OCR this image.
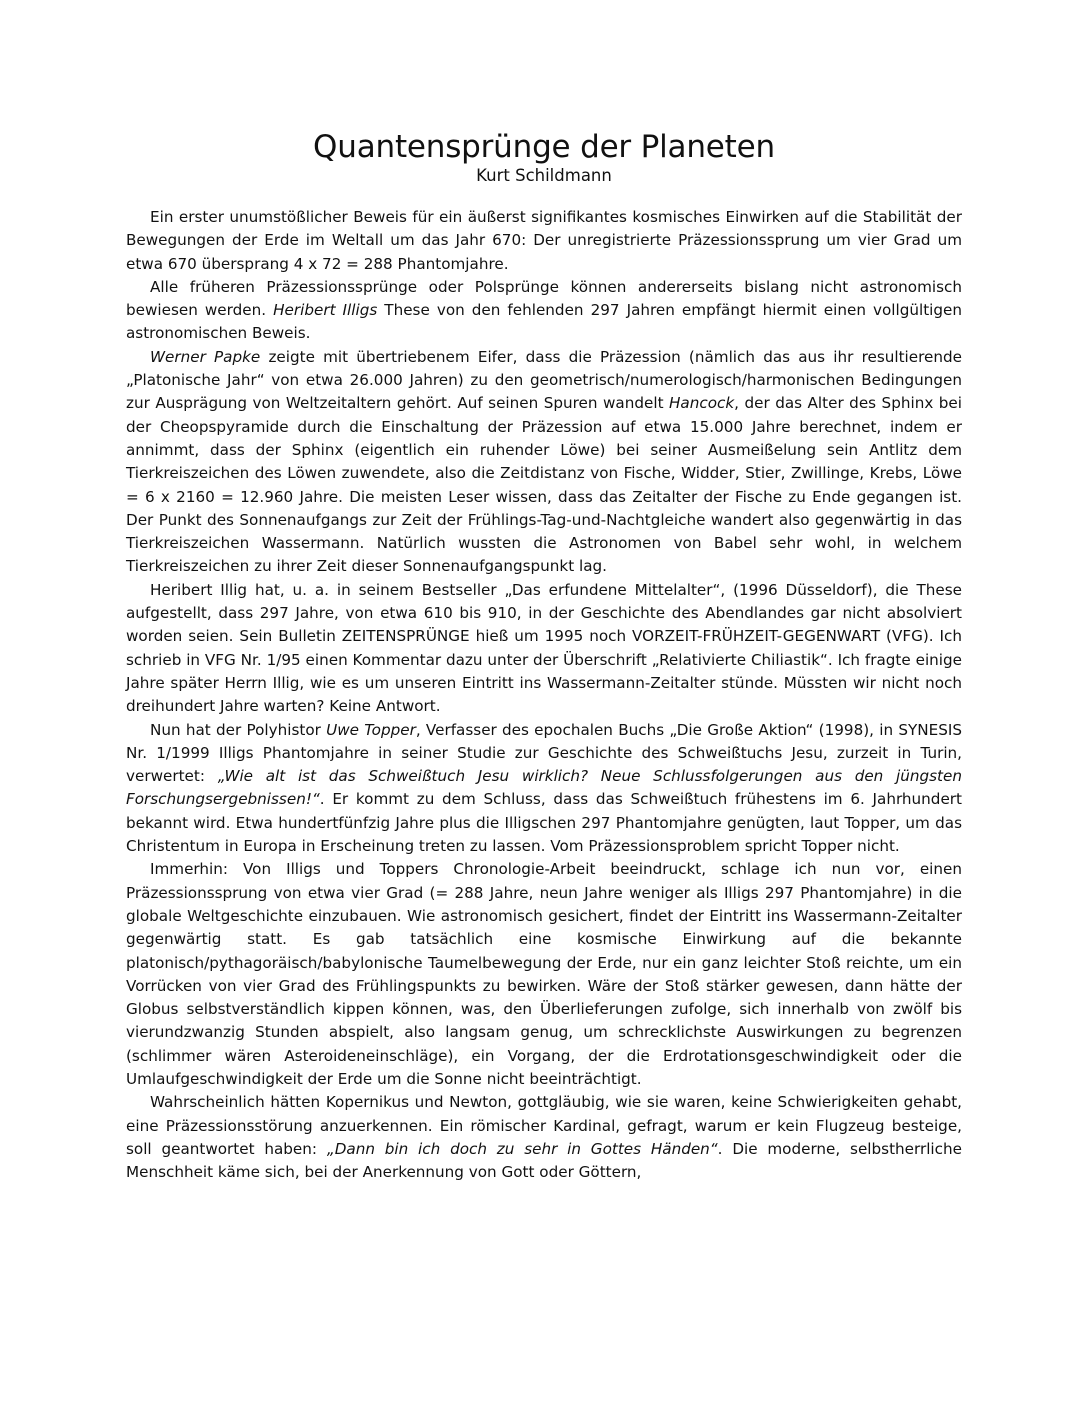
Quantensprünge der Planeten
Kurt Schildmann

Ein erster unumstößlicher Beweis für ein äußerst signifikantes kosmisches Einwirken auf die Stabilität der Bewegungen der Erde im Weltall um das Jahr 670: Der unregistrierte Präzessionssprung um vier Grad um etwa 670 übersprang 4 x 72 = 288 Phantomjahre.

Alle früheren Präzessionssprünge oder Polsprünge können andererseits bislang nicht astronomisch bewiesen werden. Heribert Illigs These von den fehlenden 297 Jahren empfängt hiermit einen vollgültigen astronomischen Beweis.

Werner Papke zeigte mit übertriebenem Eifer, dass die Präzession (nämlich das aus ihr resultierende „Platonische Jahr“ von etwa 26.000 Jahren) zu den geometrisch/numerologisch/harmonischen Bedingungen zur Ausprägung von Weltzeitaltern gehört. Auf seinen Spuren wandelt Hancock, der das Alter des Sphinx bei der Cheopspyramide durch die Einschaltung der Präzession auf etwa 15.000 Jahre berechnet, indem er annimmt, dass der Sphinx (eigentlich ein ruhender Löwe) bei seiner Ausmeißelung sein Antlitz dem Tierkreiszeichen des Löwen zuwendete, also die Zeitdistanz von Fische, Widder, Stier, Zwillinge, Krebs, Löwe = 6 x 2160 = 12.960 Jahre. Die meisten Leser wissen, dass das Zeitalter der Fische zu Ende gegangen ist. Der Punkt des Sonnenaufgangs zur Zeit der Frühlings-Tag-und-Nachtgleiche wandert also gegenwärtig in das Tierkreiszeichen Wassermann. Natürlich wussten die Astronomen von Babel sehr wohl, in welchem Tierkreiszeichen zu ihrer Zeit dieser Sonnenaufgangspunkt lag.

Heribert Illig hat, u. a. in seinem Bestseller „Das erfundene Mittelalter“, (1996 Düsseldorf), die These aufgestellt, dass 297 Jahre, von etwa 610 bis 910, in der Geschichte des Abendlandes gar nicht absolviert worden seien. Sein Bulletin ZEITENSPRÜNGE hieß um 1995 noch VORZEIT-FRÜHZEIT-GEGENWART (VFG). Ich schrieb in VFG Nr. 1/95 einen Kommentar dazu unter der Überschrift „Relativierte Chiliastik“. Ich fragte einige Jahre später Herrn Illig, wie es um unseren Eintritt ins Wassermann-Zeitalter stünde. Müssten wir nicht noch dreihundert Jahre warten? Keine Antwort.

Nun hat der Polyhistor Uwe Topper, Verfasser des epochalen Buchs „Die Große Aktion“ (1998), in SYNESIS Nr. 1/1999 Illigs Phantomjahre in seiner Studie zur Geschichte des Schweißtuchs Jesu, zurzeit in Turin, verwertet: „Wie alt ist das Schweißtuch Jesu wirklich? Neue Schlussfolgerungen aus den jüngsten Forschungsergebnissen!“. Er kommt zu dem Schluss, dass das Schweißtuch frühestens im 6. Jahrhundert bekannt wird. Etwa hundertfünfzig Jahre plus die Illigschen 297 Phantomjahre genügten, laut Topper, um das Christentum in Europa in Erscheinung treten zu lassen. Vom Präzessionsproblem spricht Topper nicht.

Immerhin: Von Illigs und Toppers Chronologie-Arbeit beeindruckt, schlage ich nun vor, einen Präzessionssprung von etwa vier Grad (= 288 Jahre, neun Jahre weniger als Illigs 297 Phantomjahre) in die globale Weltgeschichte einzubauen. Wie astronomisch gesichert, findet der Eintritt ins Wassermann-Zeitalter gegenwärtig statt. Es gab tatsächlich eine kosmische Einwirkung auf die bekannte platonisch/pythagoräisch/babylonische Taumelbewegung der Erde, nur ein ganz leichter Stoß reichte, um ein Vorrücken von vier Grad des Frühlingspunkts zu bewirken. Wäre der Stoß stärker gewesen, dann hätte der Globus selbstverständlich kippen können, was, den Überlieferungen zufolge, sich innerhalb von zwölf bis vierundzwanzig Stunden abspielt, also langsam genug, um schrecklichste Auswirkungen zu begrenzen (schlimmer wären Asteroideneinschläge), ein Vorgang, der die Erdrotationsgeschwindigkeit oder die Umlaufgeschwindigkeit der Erde um die Sonne nicht beeinträchtigt.

Wahrscheinlich hätten Kopernikus und Newton, gottgläubig, wie sie waren, keine Schwierigkeiten gehabt, eine Präzessionsstörung anzuerkennen. Ein römischer Kardinal, gefragt, warum er kein Flugzeug besteige, soll geantwortet haben: „Dann bin ich doch zu sehr in Gottes Händen“. Die moderne, selbstherrliche Menschheit käme sich, bei der Anerkennung von Gott oder Göttern,
